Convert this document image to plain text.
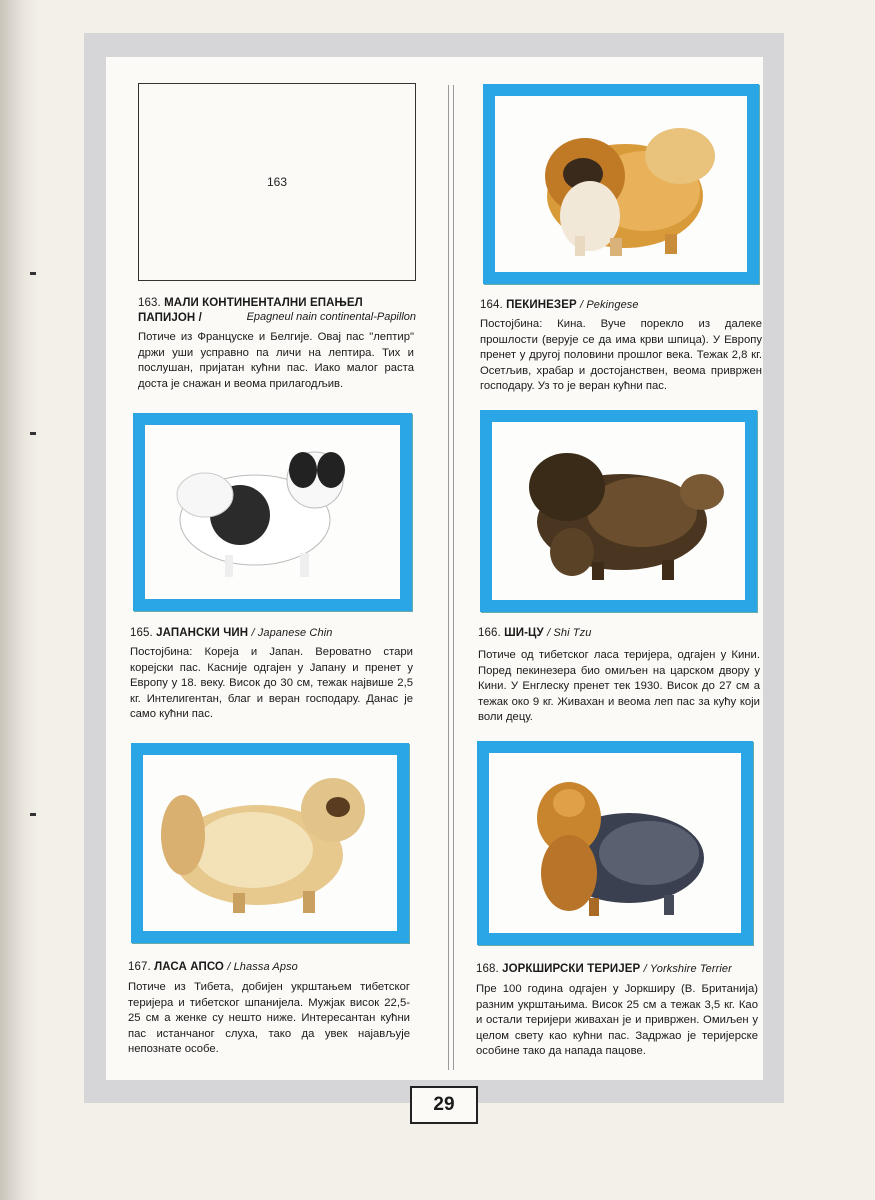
163
163. МАЛИ КОНТИНЕНТАЛНИ ЕПАЊЕЛ ПАПИЈОН /	Epagneul nain continental-Papillon
Потиче из Француске и Белгије. Овај пас "лептир" држи уши успрaвно па личи на лептира. Тих и послушан, пријатан кућни пас. Иако малог раста доста је снажан и веома прилагодљив.
164. ПЕКИНЕЗЕР / Pekingese
Постојбина: Кина. Вуче порекло из далеке прошлости (верује се да има крви шпица). У Европу пренет у другој половини прошлог века. Тежак 2,8 кг. Осетљив, храбар и достојанствен, веома привржен господару. Уз то је веран кућни пас.
165. ЈАПАНСКИ ЧИН / Japanese Chin
Постојбина: Кореја и Јапан. Вероватно стари корејски пас. Касније одгајен у Јапану и пренет у Европу у 18. веку. Висок до 30 см, тежак највише 2,5 кг. Интелигентан, благ и веран господару. Данас је само кућни пас.
166. ШИ-ЦУ / Shi Tzu
Потиче од тибетског ласа теријера, одгајен у Кини. Поред пекинезера био омиљен на царском двору у Кини. У Енглеску пренет тек 1930. Висок до 27 см а тежак око 9 кг. Живахан и веома леп пас за кућу који воли децу.
167. ЛАСА АПСО / Lhassa Apso
Потиче из Тибета, добијен укрштањем тибетског теријера и тибетског шпанијела. Мужјак висок 22,5-25 см а женке су нешто ниже. Интересантан кућни пас истанчаног слуха, тако да увек најављује непознате особе.
168. ЈОРКШИРСКИ ТЕРИЈЕР / Yorkshire Terrier
Пре 100 година одгајен у Јоркширу (В. Британија) разним укрштањима. Висок 25 см а тежак 3,5 кг. Као и остали теријери живахан је и привржен. Омиљен у целом свету као кућни пас. Задржао је теријерске особине тако да напада пацове.
29
